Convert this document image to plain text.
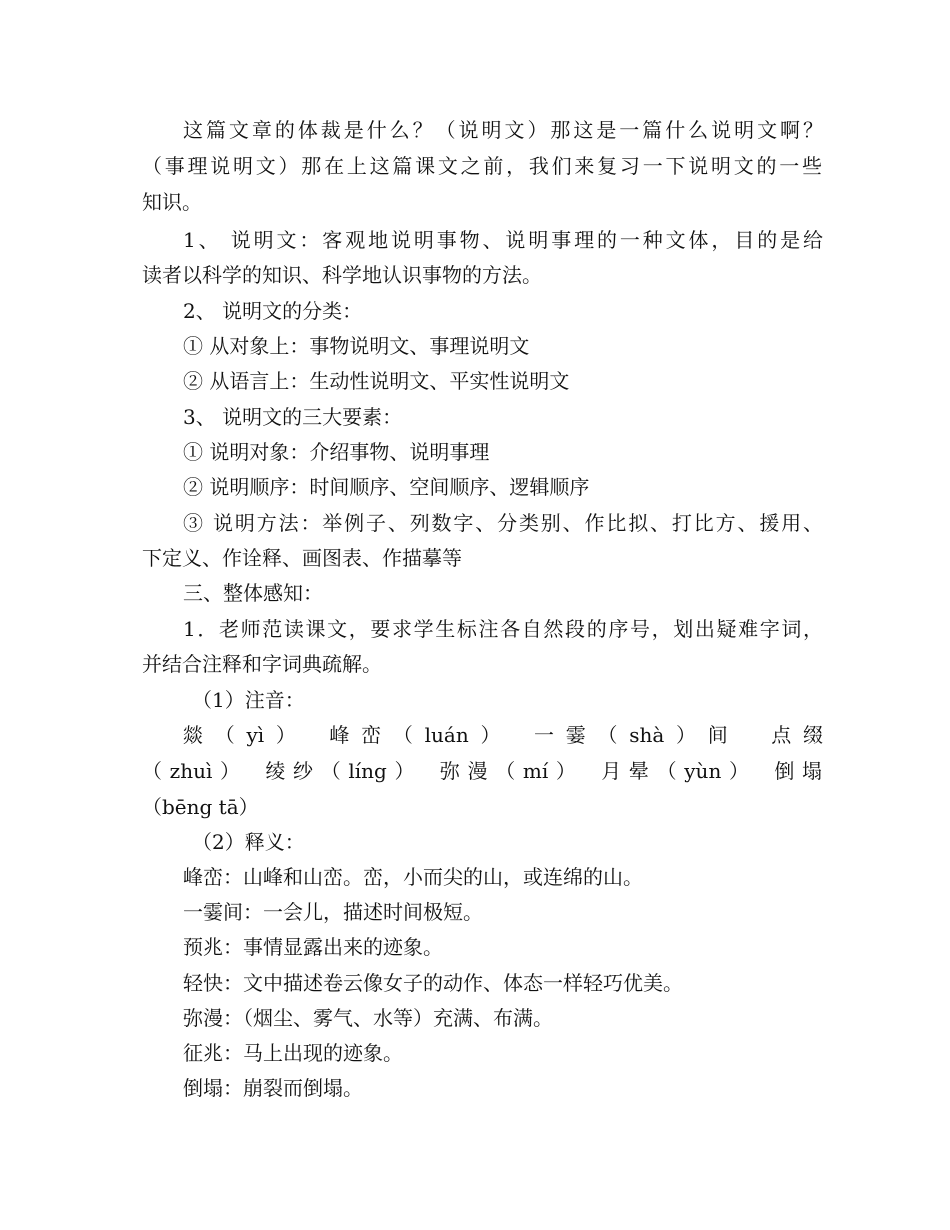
这篇文章的体裁是什么？（说明文）那这是一篇什么说明文啊？
（事理说明文）那在上这篇课文之前，我们来复习一下说明文的一些
知识。
1、 说明文：客观地说明事物、说明事理的一种文体，目的是给
读者以科学的知识、科学地认识事物的方法。
2、 说明文的分类：
① 从对象上：事物说明文、事理说明文
② 从语言上：生动性说明文、平实性说明文
3、 说明文的三大要素：
① 说明对象：介绍事物、说明事理
② 说明顺序：时间顺序、空间顺序、逻辑顺序
③ 说明方法：举例子、列数字、分类别、作比拟、打比方、援用、
下定义、作诠释、画图表、作描摹等
三、整体感知：
1．老师范读课文，要求学生标注各自然段的序号，划出疑难字词，
并结合注释和字词典疏解。
（1）注音：
燚（yì）　峰峦（luán）　一霎（shà）间　点缀
（zhuì）　绫纱（líng）　弥漫（mí）　月晕（yùn）　倒塌
（bēng tā）
（2）释义：
峰峦：山峰和山峦。峦，小而尖的山，或连绵的山。
一霎间：一会儿，描述时间极短。
预兆：事情显露出来的迹象。
轻快：文中描述卷云像女子的动作、体态一样轻巧优美。
弥漫：（烟尘、雾气、水等）充满、布满。
征兆：马上出现的迹象。
倒塌：崩裂而倒塌。
